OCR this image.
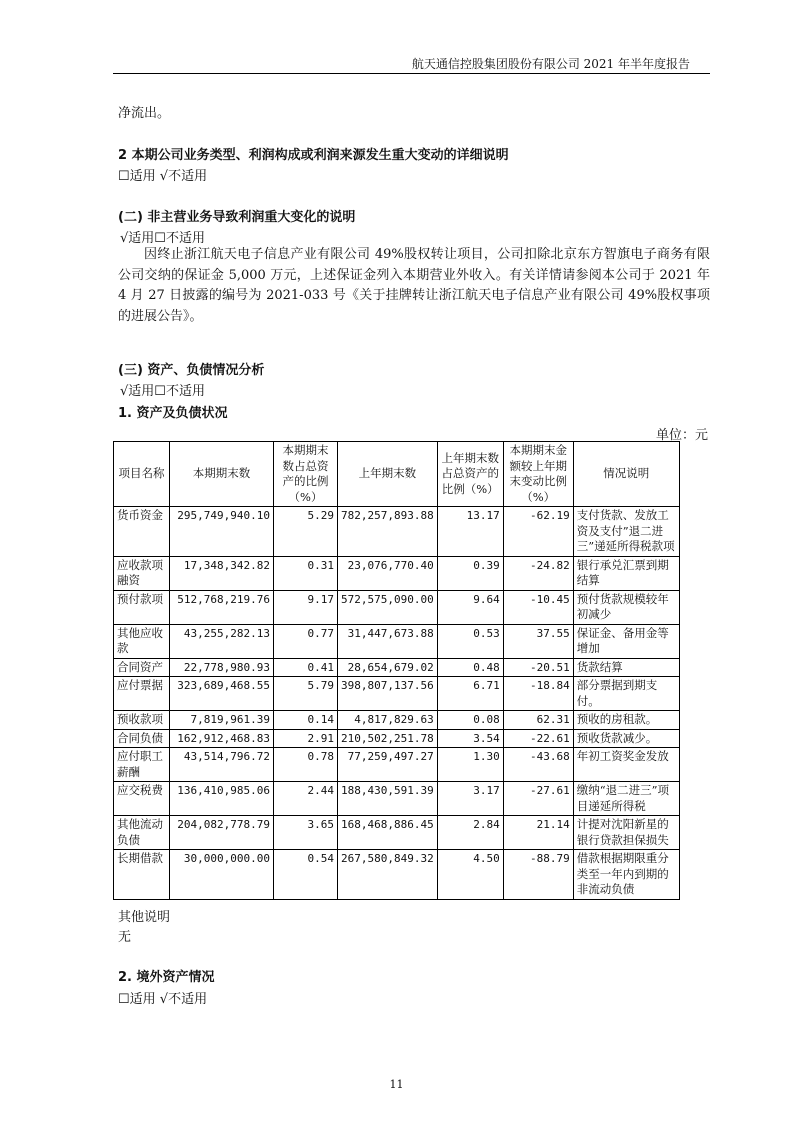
航天通信控股集团股份有限公司 2021 年半年度报告
净流出。
2 本期公司业务类型、利润构成或利润来源发生重大变动的详细说明
☐适用 √不适用
(二) 非主营业务导致利润重大变化的说明
√适用☐不适用
因终止浙江航天电子信息产业有限公司 49%股权转让项目，公司扣除北京东方智旗电子商务有限公司交纳的保证金 5,000 万元，上述保证金列入本期营业外收入。有关详情请参阅本公司于 2021 年 4 月 27 日披露的编号为 2021-033 号《关于挂牌转让浙江航天电子信息产业有限公司 49%股权事项的进展公告》。
(三) 资产、负债情况分析
√适用☐不适用
1. 资产及负债状况
单位：元
项目名称	本期期末数	本期期末数占总资产的比例（%）	上年期末数	上年期末数占总资产的比例（%）	本期期末金额较上年期末变动比例（%）	情况说明
货币资金	295,749,940.10	5.29	782,257,893.88	13.17	-62.19	支付货款、发放工资及支付”退二进三”递延所得税款项
应收款项融资	17,348,342.82	0.31	23,076,770.40	0.39	-24.82	银行承兑汇票到期结算
预付款项	512,768,219.76	9.17	572,575,090.00	9.64	-10.45	预付货款规模较年初减少
其他应收款	43,255,282.13	0.77	31,447,673.88	0.53	37.55	保证金、备用金等增加
合同资产	22,778,980.93	0.41	28,654,679.02	0.48	-20.51	货款结算
应付票据	323,689,468.55	5.79	398,807,137.56	6.71	-18.84	部分票据到期支付。
预收款项	7,819,961.39	0.14	4,817,829.63	0.08	62.31	预收的房租款。
合同负债	162,912,468.83	2.91	210,502,251.78	3.54	-22.61	预收货款减少。
应付职工薪酬	43,514,796.72	0.78	77,259,497.27	1.30	-43.68	年初工资奖金发放
应交税费	136,410,985.06	2.44	188,430,591.39	3.17	-27.61	缴纳“退二进三”项目递延所得税
其他流动负债	204,082,778.79	3.65	168,468,886.45	2.84	21.14	计提对沈阳新星的银行贷款担保损失
长期借款	30,000,000.00	0.54	267,580,849.32	4.50	-88.79	借款根据期限重分类至一年内到期的非流动负债
其他说明
无
2. 境外资产情况
☐适用 √不适用
11
